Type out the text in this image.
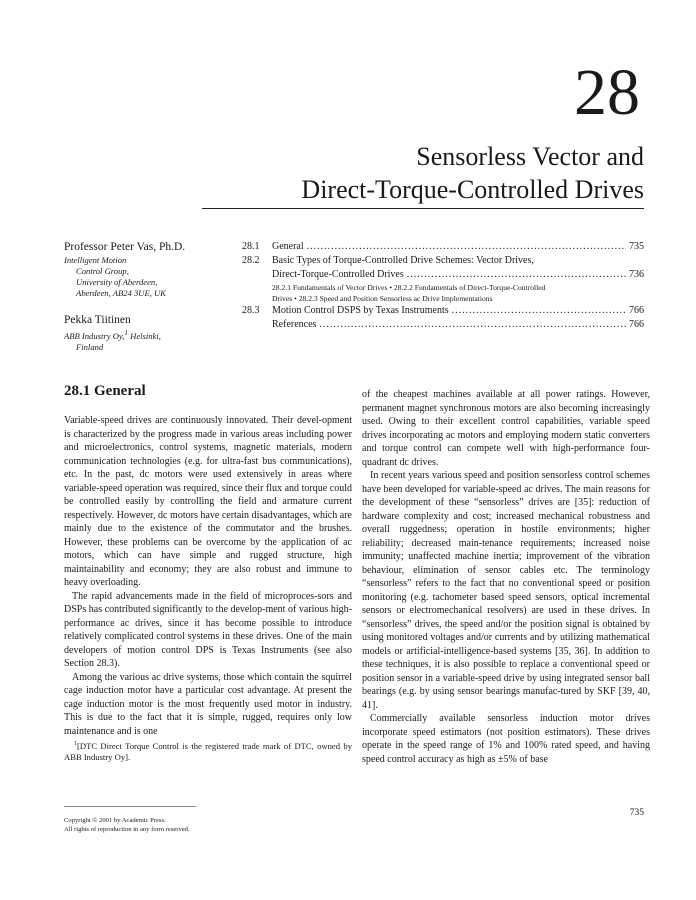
28
Sensorless Vector and
Direct-Torque-Controlled Drives
Professor Peter Vas, Ph.D.
Intelligent Motion
Control Group,
University of Aberdeen,
Aberdeen, AB24 3UE, UK
Pekka Tiitinen
ABB Industry Oy,$^1$ Helsinki,
Finland
28.1 General .....	735
28.2 Basic Types of Torque-Controlled Drive Schemes: Vector Drives,
Direct-Torque-Controlled Drives .....	736
28.2.1 Fundamentals of Vector Drives • 28.2.2 Fundamentals of Direct-Torque-Controlled
Drives • 28.2.3 Speed and Position Sensorless ac Drive Implementations
28.3 Motion Control DSPS by Texas Instruments .....	766
References .....	766
28.1 General

Variable-speed drives are continuously innovated. Their devel-opment is characterized by the progress made in various areas including power and microelectronics, control systems, magnetic materials, modern communication technologies (e.g. for ultra-fast bus communications), etc. In the past, dc motors were used extensively in areas where variable-speed operation was required, since their flux and torque could be controlled easily by controlling the field and armature current respectively. However, dc motors have certain disadvantages, which are mainly due to the existence of the commutator and the brushes. However, these problems can be overcome by the application of ac motors, which can have simple and rugged structure, high maintainability and economy; they are also robust and immune to heavy overloading.

The rapid advancements made in the field of microproces-sors and DSPs has contributed significantly to the develop-ment of various high-performance ac drives, since it has become possible to introduce relatively complicated control systems in these drives. One of the main developers of motion control DPS is Texas Instruments (see also Section 28.3).

Among the various ac drive systems, those which contain the squirrel cage induction motor have a particular cost advantage. At present the cage induction motor is the most frequently used motor in industry. This is due to the fact that it is simple, rugged, requires only low maintenance and is one

$^1$[DTC Direct Torque Control is the registered trade mark of DTC, owned by ABB Industry Oy].
Copyright © 2001 by Academic Press.
All rights of reproduction in any form reserved.

of the cheapest machines available at all power ratings. However, permanent magnet synchronous motors are also becoming increasingly used. Owing to their excellent control capabilities, variable speed drives incorporating ac motors and employing modern static converters and torque control can compete well with high-performance four-quadrant dc drives.

In recent years various speed and position sensorless control schemes have been developed for variable-speed ac drives. The main reasons for the development of these “sensorless” drives are [35]: reduction of hardware complexity and cost; increased mechanical robustness and overall ruggedness; operation in hostile environments; higher reliability; decreased main-tenance requirements; increased noise immunity; unaffected machine inertia; improvement of the vibration behaviour, elimination of sensor cables etc. The terminology “sensorless” refers to the fact that no conventional speed or position monitoring (e.g. tachometer based speed sensors, optical incremental sensors or electromechanical resolvers) are used in these drives. In “sensorless” drives, the speed and/or the position signal is obtained by using monitored voltages and/or currents and by utilizing mathematical models or artificial-intelligence-based systems [35, 36]. In addition to these techniques, it is also possible to replace a conventional speed or position sensor in a variable-speed drive by using integrated sensor ball bearings (e.g. by using sensor bearings manufac-tured by SKF [39, 40, 41].

Commercially available sensorless induction motor drives incorporate speed estimators (not position estimators). These drives operate in the speed range of 1% and 100% rated speed, and having speed control accuracy as high as ±5% of base

735
